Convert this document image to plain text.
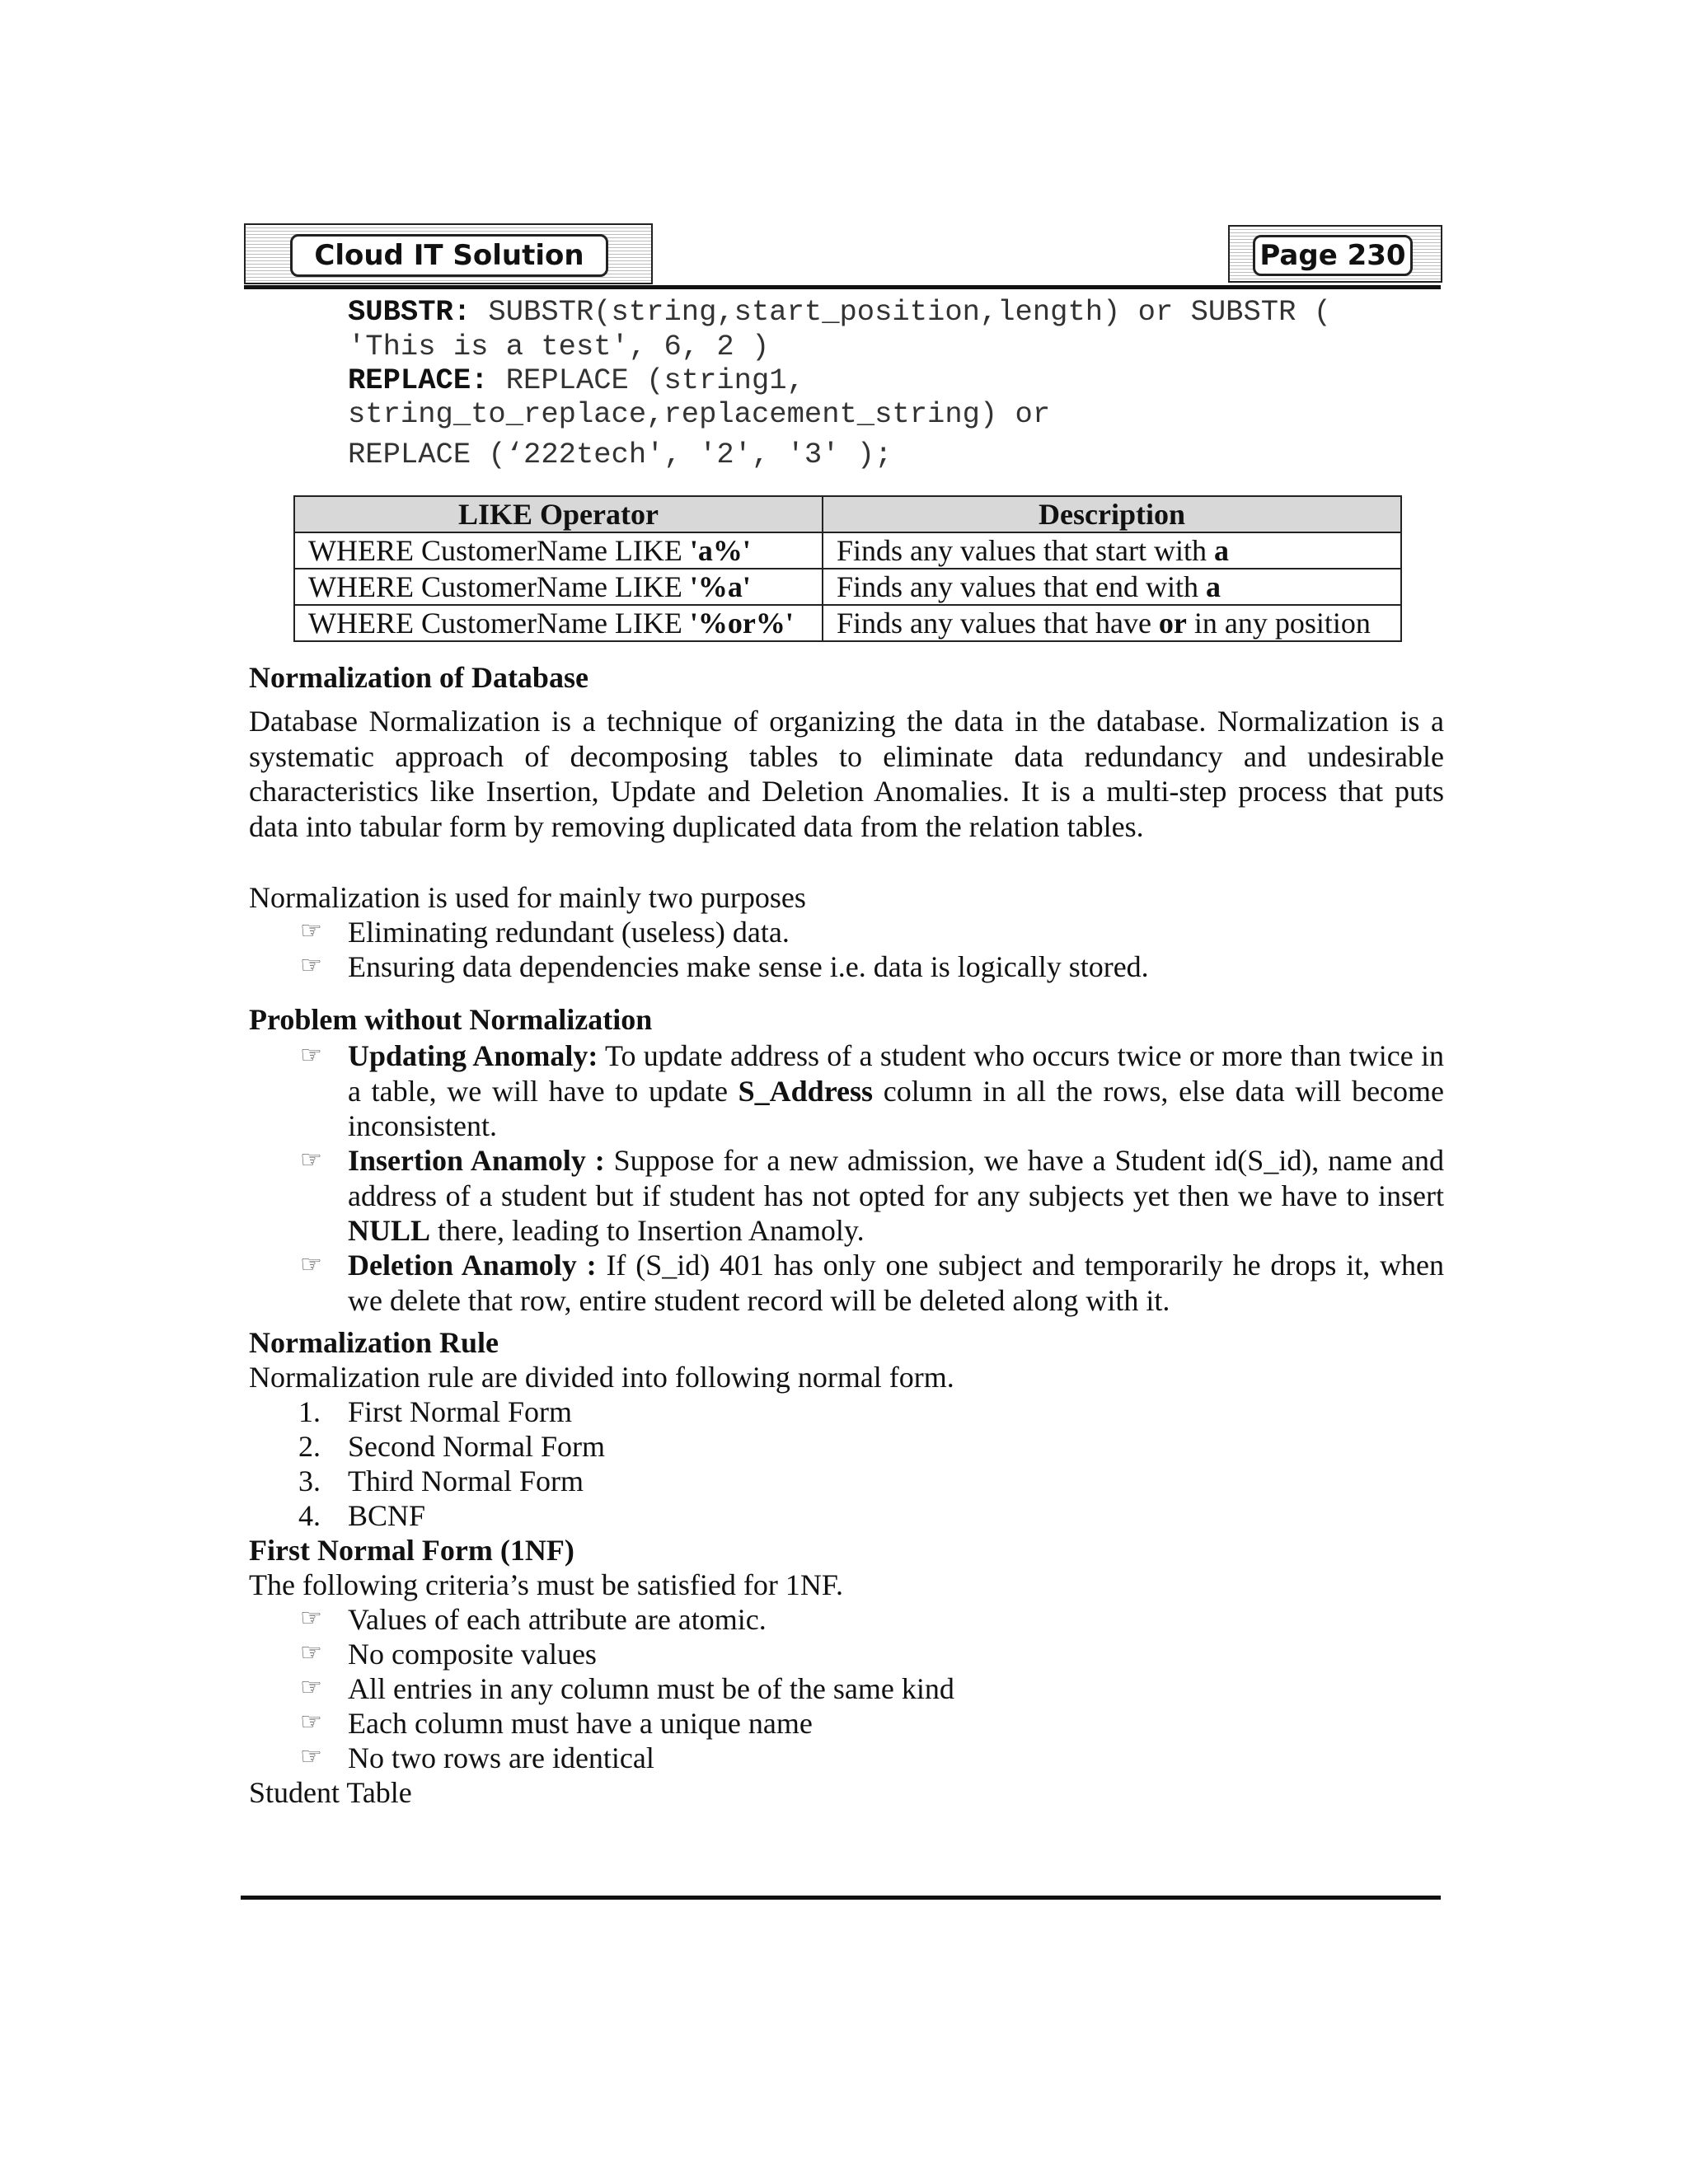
Cloud IT Solution	Page 230
SUBSTR: SUBSTR(string,start_position,length) or SUBSTR (
'This is a test', 6, 2 )
REPLACE: REPLACE (string1,
string_to_replace,replacement_string) or
REPLACE (‘222tech', '2', '3' );
LIKE Operator	Description
WHERE CustomerName LIKE 'a%'	Finds any values that start with a
WHERE CustomerName LIKE '%a'	Finds any values that end with a
WHERE CustomerName LIKE '%or%'	Finds any values that have or in any position
Normalization of Database
Database Normalization is a technique of organizing the data in the database. Normalization is a systematic approach of decomposing tables to eliminate data redundancy and undesirable characteristics like Insertion, Update and Deletion Anomalies. It is a multi-step process that puts data into tabular form by removing duplicated data from the relation tables.
Normalization is used for mainly two purposes
☞ Eliminating redundant (useless) data.
☞ Ensuring data dependencies make sense i.e. data is logically stored.
Problem without Normalization
☞ Updating Anomaly: To update address of a student who occurs twice or more than twice in a table, we will have to update S_Address column in all the rows, else data will become inconsistent.
☞ Insertion Anamoly : Suppose for a new admission, we have a Student id(S_id), name and address of a student but if student has not opted for any subjects yet then we have to insert NULL there, leading to Insertion Anamoly.
☞ Deletion Anamoly : If (S_id) 401 has only one subject and temporarily he drops it, when we delete that row, entire student record will be deleted along with it.
Normalization Rule
Normalization rule are divided into following normal form.
1. First Normal Form
2. Second Normal Form
3. Third Normal Form
4. BCNF
First Normal Form (1NF)
The following criteria’s must be satisfied for 1NF.
☞ Values of each attribute are atomic.
☞ No composite values
☞ All entries in any column must be of the same kind
☞ Each column must have a unique name
☞ No two rows are identical
Student Table
